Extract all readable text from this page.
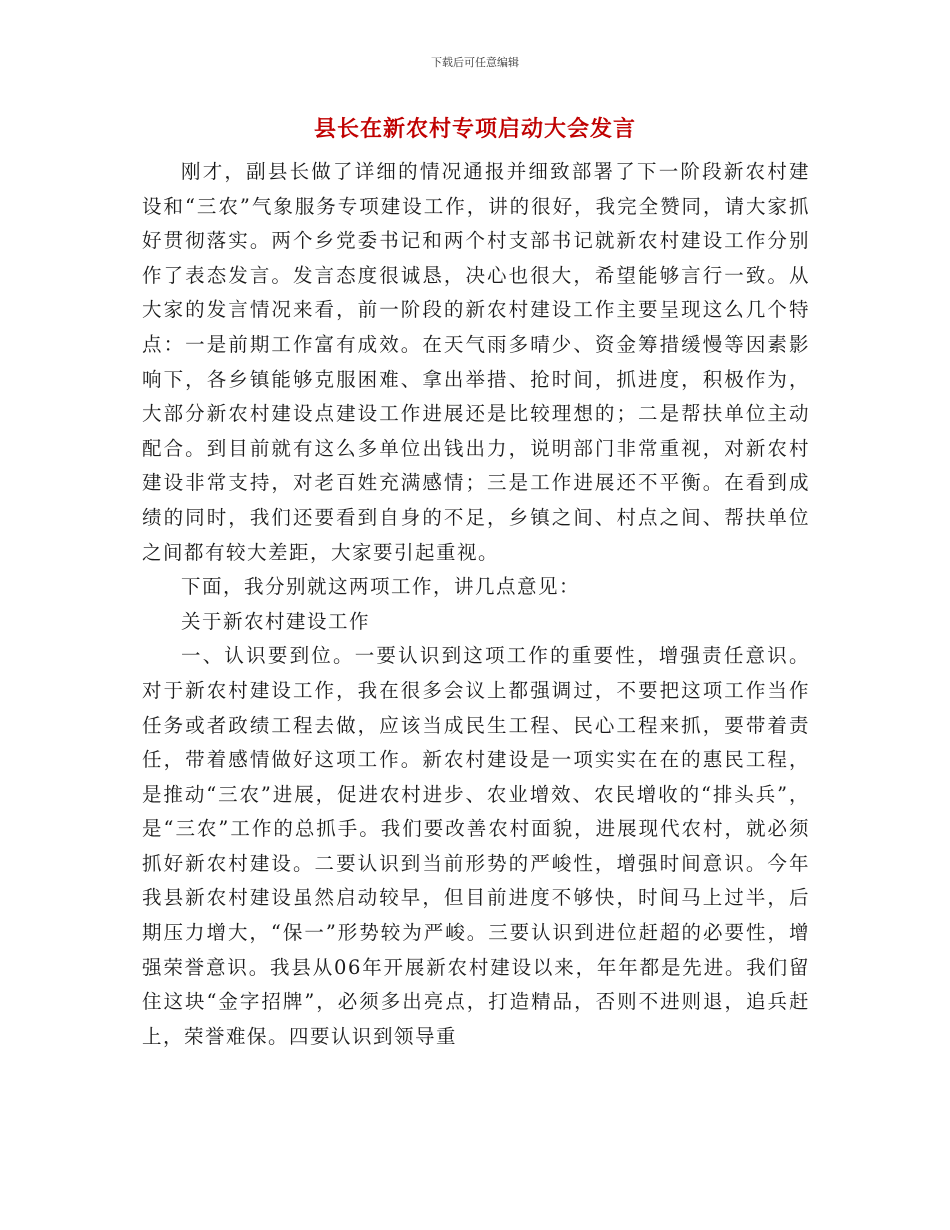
下载后可任意编辑
县长在新农村专项启动大会发言

刚才，副县长做了详细的情况通报并细致部署了下一阶段新农村建设和“三农”气象服务专项建设工作，讲的很好，我完全赞同，请大家抓好贯彻落实。两个乡党委书记和两个村支部书记就新农村建设工作分别作了表态发言。发言态度很诚恳，决心也很大，希望能够言行一致。从大家的发言情况来看，前一阶段的新农村建设工作主要呈现这么几个特点：一是前期工作富有成效。在天气雨多晴少、资金筹措缓慢等因素影响下，各乡镇能够克服困难、拿出举措、抢时间，抓进度，积极作为，大部分新农村建设点建设工作进展还是比较理想的；二是帮扶单位主动配合。到目前就有这么多单位出钱出力，说明部门非常重视，对新农村建设非常支持，对老百姓充满感情；三是工作进展还不平衡。在看到成绩的同时，我们还要看到自身的不足，乡镇之间、村点之间、帮扶单位之间都有较大差距，大家要引起重视。

下面，我分别就这两项工作，讲几点意见：

关于新农村建设工作

一、认识要到位。一要认识到这项工作的重要性，增强责任意识。对于新农村建设工作，我在很多会议上都强调过，不要把这项工作当作任务或者政绩工程去做，应该当成民生工程、民心工程来抓，要带着责任，带着感情做好这项工作。新农村建设是一项实实在在的惠民工程，是推动“三农”进展，促进农村进步、农业增效、农民增收的“排头兵”，是“三农”工作的总抓手。我们要改善农村面貌，进展现代农村，就必须抓好新农村建设。二要认识到当前形势的严峻性，增强时间意识。今年我县新农村建设虽然启动较早，但目前进度不够快，时间马上过半，后期压力增大，“保一”形势较为严峻。三要认识到进位赶超的必要性，增强荣誉意识。我县从06年开展新农村建设以来，年年都是先进。我们留住这块“金字招牌”，必须多出亮点，打造精品，否则不进则退，追兵赶上，荣誉难保。四要认识到领导重
